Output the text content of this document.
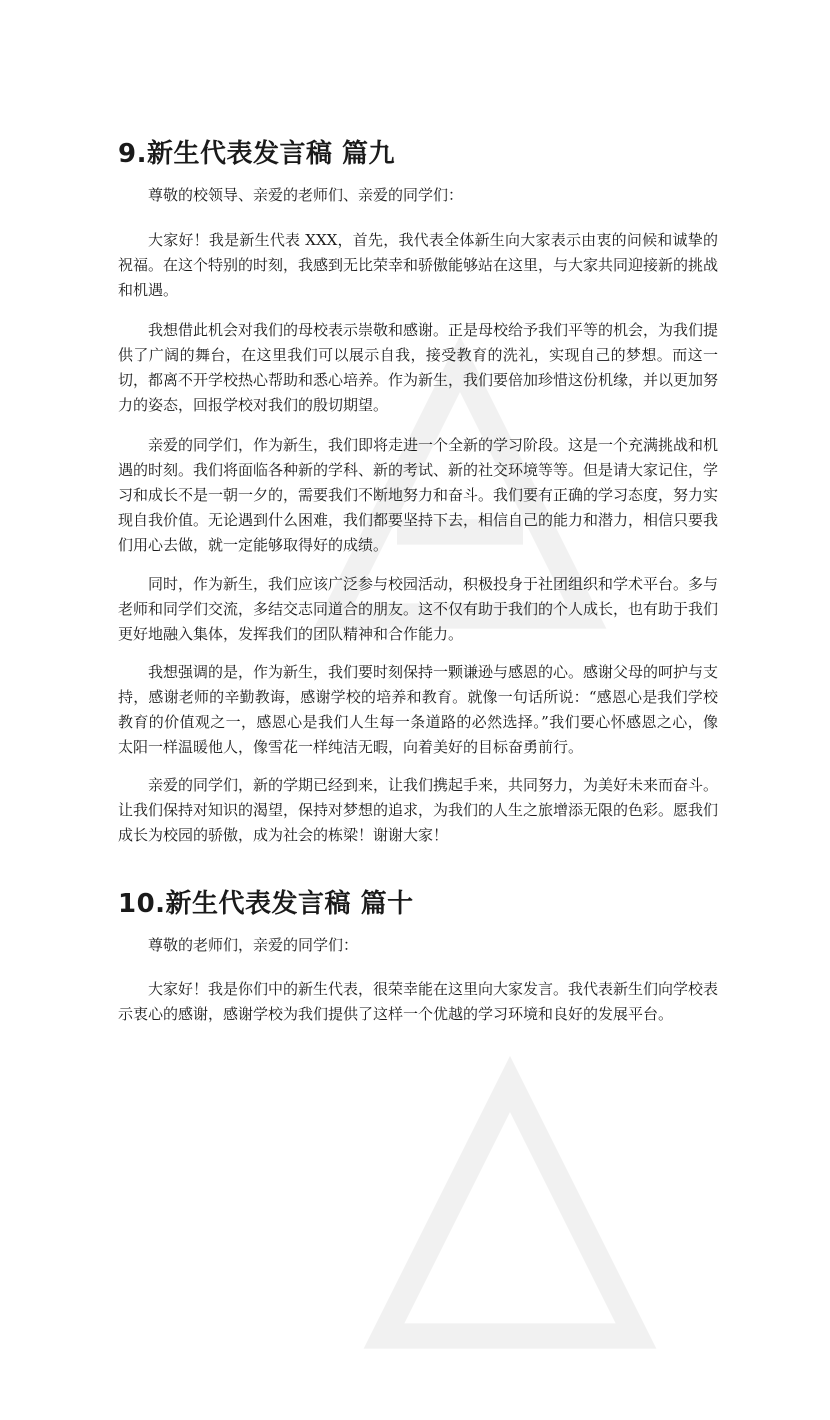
9.新生代表发言稿 篇九

尊敬的校领导、亲爱的老师们、亲爱的同学们：

大家好！我是新生代表 XXX，首先，我代表全体新生向大家表示由衷的问候和诚挚的祝福。在这个特别的时刻，我感到无比荣幸和骄傲能够站在这里，与大家共同迎接新的挑战和机遇。

我想借此机会对我们的母校表示崇敬和感谢。正是母校给予我们平等的机会，为我们提供了广阔的舞台，在这里我们可以展示自我，接受教育的洗礼，实现自己的梦想。而这一切，都离不开学校热心帮助和悉心培养。作为新生，我们要倍加珍惜这份机缘，并以更加努力的姿态，回报学校对我们的殷切期望。

亲爱的同学们，作为新生，我们即将走进一个全新的学习阶段。这是一个充满挑战和机遇的时刻。我们将面临各种新的学科、新的考试、新的社交环境等等。但是请大家记住，学习和成长不是一朝一夕的，需要我们不断地努力和奋斗。我们要有正确的学习态度，努力实现自我价值。无论遇到什么困难，我们都要坚持下去，相信自己的能力和潜力，相信只要我们用心去做，就一定能够取得好的成绩。

同时，作为新生，我们应该广泛参与校园活动，积极投身于社团组织和学术平台。多与老师和同学们交流，多结交志同道合的朋友。这不仅有助于我们的个人成长，也有助于我们更好地融入集体，发挥我们的团队精神和合作能力。

我想强调的是，作为新生，我们要时刻保持一颗谦逊与感恩的心。感谢父母的呵护与支持，感谢老师的辛勤教诲，感谢学校的培养和教育。就像一句话所说：“感恩心是我们学校教育的价值观之一，感恩心是我们人生每一条道路的必然选择。”我们要心怀感恩之心，像太阳一样温暖他人，像雪花一样纯洁无暇，向着美好的目标奋勇前行。

亲爱的同学们，新的学期已经到来，让我们携起手来，共同努力，为美好未来而奋斗。让我们保持对知识的渴望，保持对梦想的追求，为我们的人生之旅增添无限的色彩。愿我们成长为校园的骄傲，成为社会的栋梁！谢谢大家！

10.新生代表发言稿 篇十

尊敬的老师们，亲爱的同学们：

大家好！我是你们中的新生代表，很荣幸能在这里向大家发言。我代表新生们向学校表示衷心的感谢，感谢学校为我们提供了这样一个优越的学习环境和良好的发展平台。
